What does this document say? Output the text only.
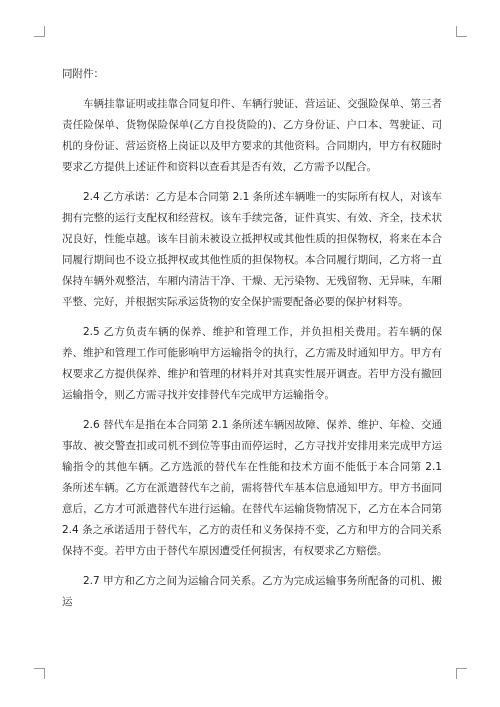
同附件：

车辆挂靠证明或挂靠合同复印件、车辆行驶证、营运证、交强险保单、第三者责任险保单、货物保险保单(乙方自投货险的)、乙方身份证、户口本、驾驶证、司机的身份证、营运资格上岗证以及甲方要求的其他资料。合同期内，甲方有权随时要求乙方提供上述证件和资料以查看其是否有效，乙方需予以配合。

2.4 乙方承诺：乙方是本合同第 2.1 条所述车辆唯一的实际所有权人，对该车拥有完整的运行支配权和经营权。该车手续完备，证件真实、有效、齐全，技术状况良好，性能卓越。该车目前未被设立抵押权或其他性质的担保物权，将来在本合同履行期间也不设立抵押权或其他性质的担保物权。本合同履行期间，乙方将一直保持车辆外观整洁，车厢内清洁干净、干燥、无污染物、无残留物、无异味，车厢平整、完好，并根据实际承运货物的安全保护需要配备必要的保护材料等。

2.5 乙方负责车辆的保养、维护和管理工作，并负担相关费用。若车辆的保养、维护和管理工作可能影响甲方运输指令的执行，乙方需及时通知甲方。甲方有权要求乙方提供保养、维护和管理的材料并对其真实性展开调查。若甲方没有撤回运输指令，则乙方需寻找并安排替代车完成甲方运输指令。

2.6 替代车是指在本合同第 2.1 条所述车辆因故障、保养、维护、年检、交通事故、被交警查扣或司机不到位等事由而停运时，乙方寻找并安排用来完成甲方运输指令的其他车辆。乙方选派的替代车在性能和技术方面不能低于本合同第 2.1 条所述车辆。乙方在派遣替代车之前，需将替代车基本信息通知甲方。甲方书面同意后，乙方才可派遣替代车进行运输。在替代车运输货物情况下，乙方在本合同第 2.4 条之承诺适用于替代车，乙方的责任和义务保持不变，乙方和甲方的合同关系保持不变。若甲方由于替代车原因遭受任何损害，有权要求乙方赔偿。

2.7 甲方和乙方之间为运输合同关系。乙方为完成运输事务所配备的司机、搬运
